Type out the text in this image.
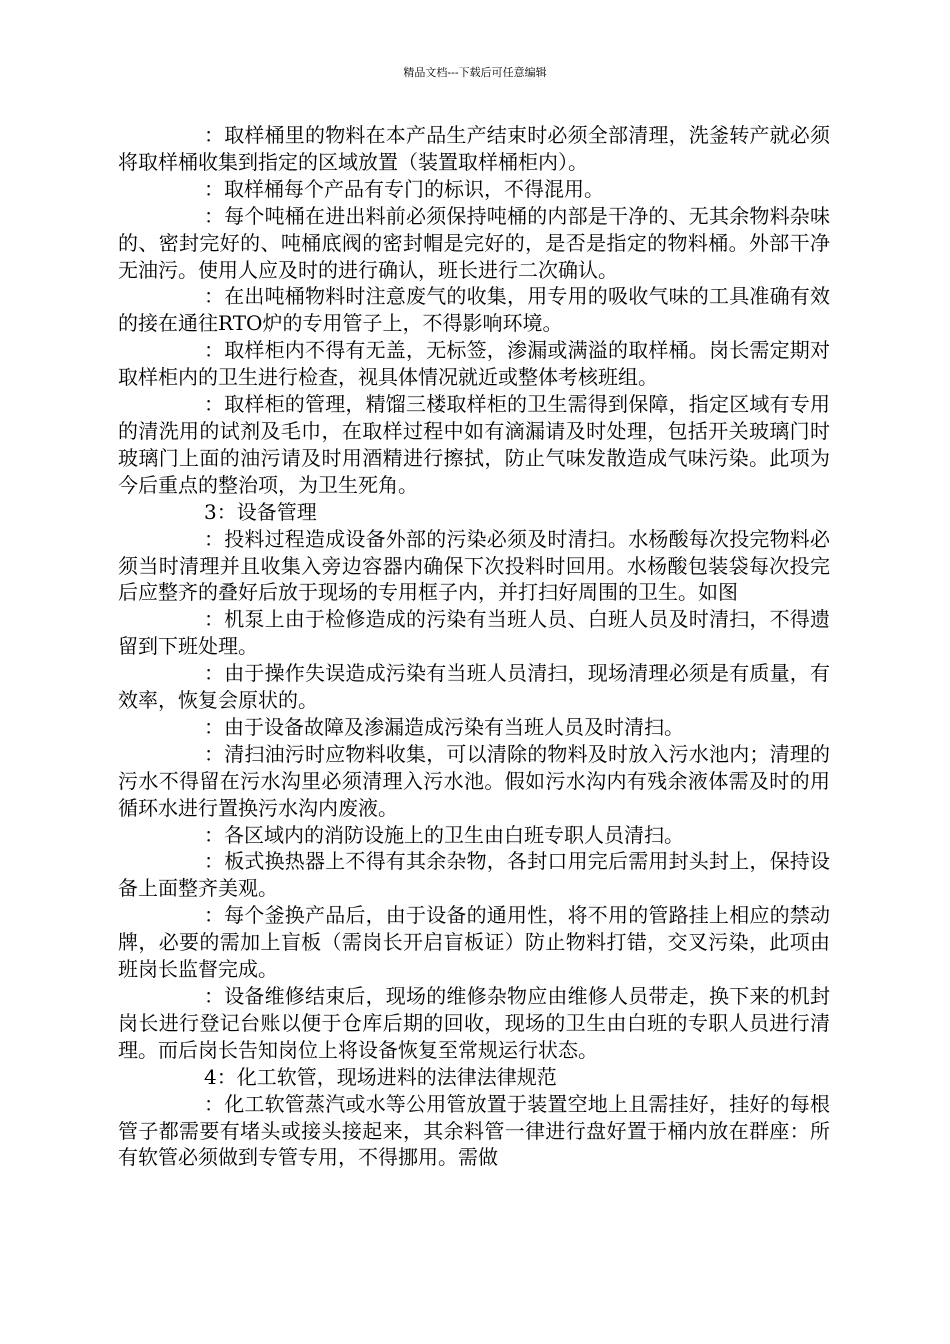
精品文档---下载后可任意编辑

：取样桶里的物料在本产品生产结束时必须全部清理，洗釜转产就必须将取样桶收集到指定的区域放置（装置取样桶柜内）。

：取样桶每个产品有专门的标识，不得混用。

：每个吨桶在进出料前必须保持吨桶的内部是干净的、无其余物料杂味的、密封完好的、吨桶底阀的密封帽是完好的，是否是指定的物料桶。外部干净无油污。使用人应及时的进行确认，班长进行二次确认。

：在出吨桶物料时注意废气的收集，用专用的吸收气味的工具准确有效的接在通往RTO炉的专用管子上，不得影响环境。

：取样柜内不得有无盖，无标签，渗漏或满溢的取样桶。岗长需定期对取样柜内的卫生进行检查，视具体情况就近或整体考核班组。

：取样柜的管理，精馏三楼取样柜的卫生需得到保障，指定区域有专用的清洗用的试剂及毛巾，在取样过程中如有滴漏请及时处理，包括开关玻璃门时玻璃门上面的油污请及时用酒精进行擦拭，防止气味发散造成气味污染。此项为今后重点的整治项，为卫生死角。

3：设备管理

：投料过程造成设备外部的污染必须及时清扫。水杨酸每次投完物料必须当时清理并且收集入旁边容器内确保下次投料时回用。水杨酸包装袋每次投完后应整齐的叠好后放于现场的专用框子内，并打扫好周围的卫生。如图

：机泵上由于检修造成的污染有当班人员、白班人员及时清扫，不得遗留到下班处理。

：由于操作失误造成污染有当班人员清扫，现场清理必须是有质量，有效率，恢复会原状的。

：由于设备故障及渗漏造成污染有当班人员及时清扫。

：清扫油污时应物料收集，可以清除的物料及时放入污水池内；清理的污水不得留在污水沟里必须清理入污水池。假如污水沟内有残余液体需及时的用循环水进行置换污水沟内废液。

：各区域内的消防设施上的卫生由白班专职人员清扫。

：板式换热器上不得有其余杂物，各封口用完后需用封头封上，保持设备上面整齐美观。

：每个釜换产品后，由于设备的通用性，将不用的管路挂上相应的禁动牌，必要的需加上盲板（需岗长开启盲板证）防止物料打错，交叉污染，此项由班岗长监督完成。

：设备维修结束后，现场的维修杂物应由维修人员带走，换下来的机封岗长进行登记台账以便于仓库后期的回收，现场的卫生由白班的专职人员进行清理。而后岗长告知岗位上将设备恢复至常规运行状态。

4：化工软管，现场进料的法律法律规范

：化工软管蒸汽或水等公用管放置于装置空地上且需挂好，挂好的每根管子都需要有堵头或接头接起来，其余料管一律进行盘好置于桶内放在群座：所有软管必须做到专管专用，不得挪用。需做
